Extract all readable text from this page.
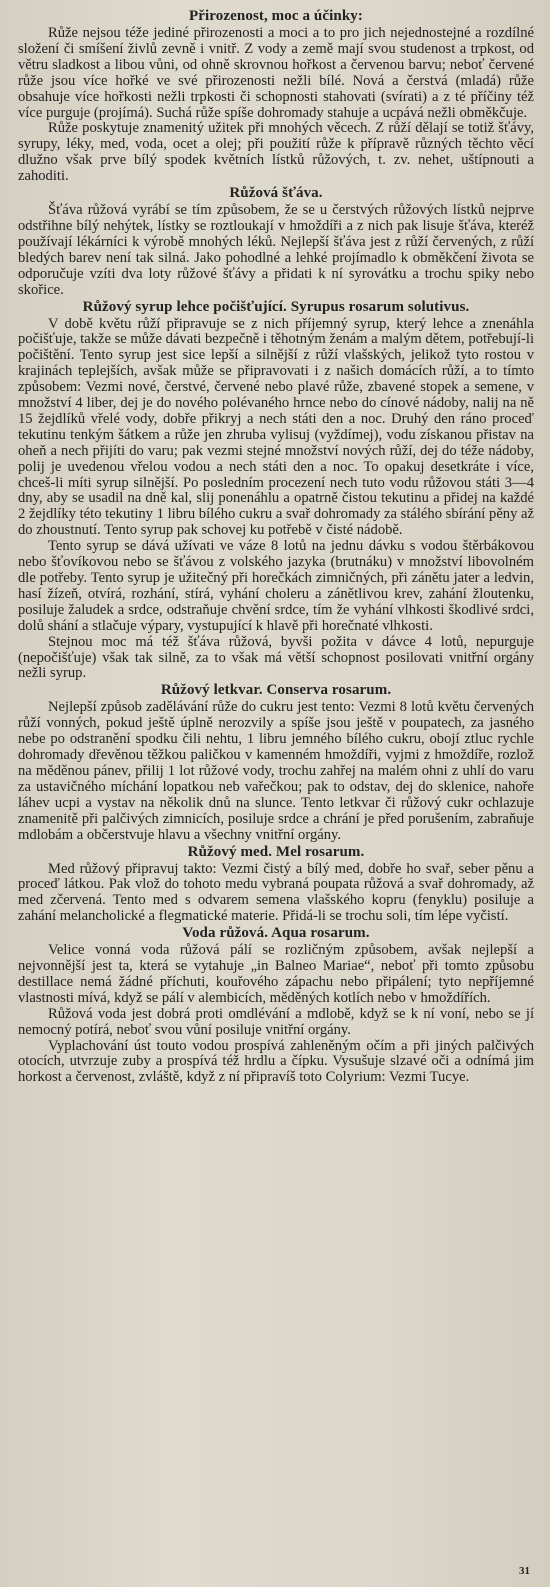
Přirozenost, moc a účinky:

Růže nejsou téže jediné přirozenosti a moci a to pro jich nejednostejné a rozdílné složení či smíšení živlů zevně i vnitř. Z vody a země mají svou studenost a trpkost, od větru sladkost a libou vůni, od ohně skrovnou hořkost a červenou barvu; neboť červené růže jsou více hořké ve své přirozenosti nežli bílé. Nová a čerstvá (mladá) růže obsahuje více hořkosti nežli trpkosti či schopnosti stahovati (svírati) a z té příčiny též více purguje (projímá). Suchá růže spíše dohromady stahuje a ucpává nežli obměkčuje.

Růže poskytuje znamenitý užitek při mnohých věcech. Z růží dělají se totiž šťávy, syrupy, léky, med, voda, ocet a olej; při použití růže k přípravě různých těchto věcí dlužno však prve bílý spodek květních lístků růžových, t. zv. nehet, uštípnouti a zahoditi.

Růžová šťáva.

Šťáva růžová vyrábí se tím způsobem, že se u čerstvých růžových lístků nejprve odstřihne bílý nehýtek, lístky se roztloukají v hmoždíři a z nich pak lisuje šťáva, kteréž používají lékárníci k výrobě mnohých léků. Nejlepší šťáva jest z růží červených, z růží bledých barev není tak silná. Jako pohodlné a lehké projímadlo k obměkčení života se odporučuje vzíti dva loty růžové šťávy a přidati k ní syrovátku a trochu spiky nebo skořice.

Růžový syrup lehce počišťující. Syrupus rosarum solutivus.

V době květu růží připravuje se z nich příjemný syrup, který lehce a znenáhla počišťuje, takže se může dávati bezpečně i těhotným ženám a malým dětem, potřebují-li počištění. Tento syrup jest sice lepší a silnější z růží vlašských, jelikož tyto rostou v krajinách teplejších, avšak může se připravovati i z našich domácích růží, a to tímto způsobem: Vezmi nové, čerstvé, červené nebo plavé růže, zbavené stopek a semene, v množství 4 liber, dej je do nového polévaného hrnce nebo do cínové nádoby, nalij na ně 15 žejdlíků vřelé vody, dobře přikryj a nech státi den a noc. Druhý den ráno proceď tekutinu tenkým šátkem a růže jen zhruba vylisuj (vyždímej), vodu získanou přistav na oheň a nech přijíti do varu; pak vezmi stejné množství nových růží, dej do téže nádoby, polij je uvedenou vřelou vodou a nech státi den a noc. To opakuj desetkráte i více, chceš-li míti syrup silnější. Po posledním procezení nech tuto vodu růžovou státi 3—4 dny, aby se usadil na dně kal, slij ponenáhlu a opatrně čistou tekutinu a přidej na každé 2 žejdlíky této tekutiny 1 libru bílého cukru a svař dohromady za stálého sbírání pěny až do zhoustnutí. Tento syrup pak schovej ku potřebě v čisté nádobě.

Tento syrup se dává užívati ve váze 8 lotů na jednu dávku s vodou štěrbákovou nebo šťovíkovou nebo se šťávou z volského jazyka (brutnáku) v množství libovolném dle potřeby. Tento syrup je užitečný při horečkách zimničných, při zánětu jater a ledvin, hasí žízeň, otvírá, rozhání, stírá, vyhání choleru a zánětlivou krev, zahání žloutenku, posiluje žaludek a srdce, odstraňuje chvění srdce, tím že vyhání vlhkosti škodlivé srdci, dolů shání a stlačuje výpary, vystupující k hlavě při horečnaté vlhkosti.

Stejnou moc má též šťáva růžová, byvši požita v dávce 4 lotů, nepurguje (nepočišťuje) však tak silně, za to však má větší schopnost posilovati vnitřní orgány nežli syrup.

Růžový letkvar. Conserva rosarum.

Nejlepší způsob zadělávání růže do cukru jest tento: Vezmi 8 lotů květu červených růží vonných, pokud ještě úplně nerozvily a spíše jsou ještě v poupatech, za jasného nebe po odstranění spodku čili nehtu, 1 libru jemného bílého cukru, obojí ztluc rychle dohromady dřevěnou těžkou paličkou v kamenném hmoždíři, vyjmi z hmoždíře, rozlož na měděnou pánev, přilij 1 lot růžové vody, trochu zahřej na malém ohni z uhlí do varu za ustavičného míchání lopatkou neb vařečkou; pak to odstav, dej do sklenice, nahoře láhev ucpi a vystav na několik dnů na slunce. Tento letkvar či růžový cukr ochlazuje znamenitě při palčivých zimnicích, posiluje srdce a chrání je před porušením, zabraňuje mdlobám a občerstvuje hlavu a všechny vnitřní orgány.

Růžový med. Mel rosarum.

Med růžový připravuj takto: Vezmi čistý a bílý med, dobře ho svař, seber pěnu a proceď látkou. Pak vlož do tohoto medu vybraná poupata růžová a svař dohromady, až med zčervená. Tento med s odvarem semena vlašského kopru (fenyklu) posiluje a zahání melancholické a flegmatické materie. Přidá-li se trochu soli, tím lépe vyčistí.

Voda růžová. Aqua rosarum.

Velice vonná voda růžová pálí se rozličným způsobem, avšak nejlepší a nejvonnější jest ta, která se vytahuje „in Balneo Mariae“, neboť při tomto způsobu destillace nemá žádné příchuti, kouřového zápachu nebo připálení; tyto nepříjemné vlastnosti mívá, když se pálí v alembicích, měděných kotlích nebo v hmoždířích.

Růžová voda jest dobrá proti omdlévání a mdlobě, když se k ní voní, nebo se jí nemocný potírá, neboť svou vůní posiluje vnitřní orgány.

Vyplachování úst touto vodou prospívá zahleněným očím a při jiných palčivých otocích, utvrzuje zuby a prospívá též hrdlu a čípku. Vysušuje slzavé oči a odnímá jim horkost a červenost, zvláště, když z ní připravíš toto Colyrium: Vezmi Tucye.

31
